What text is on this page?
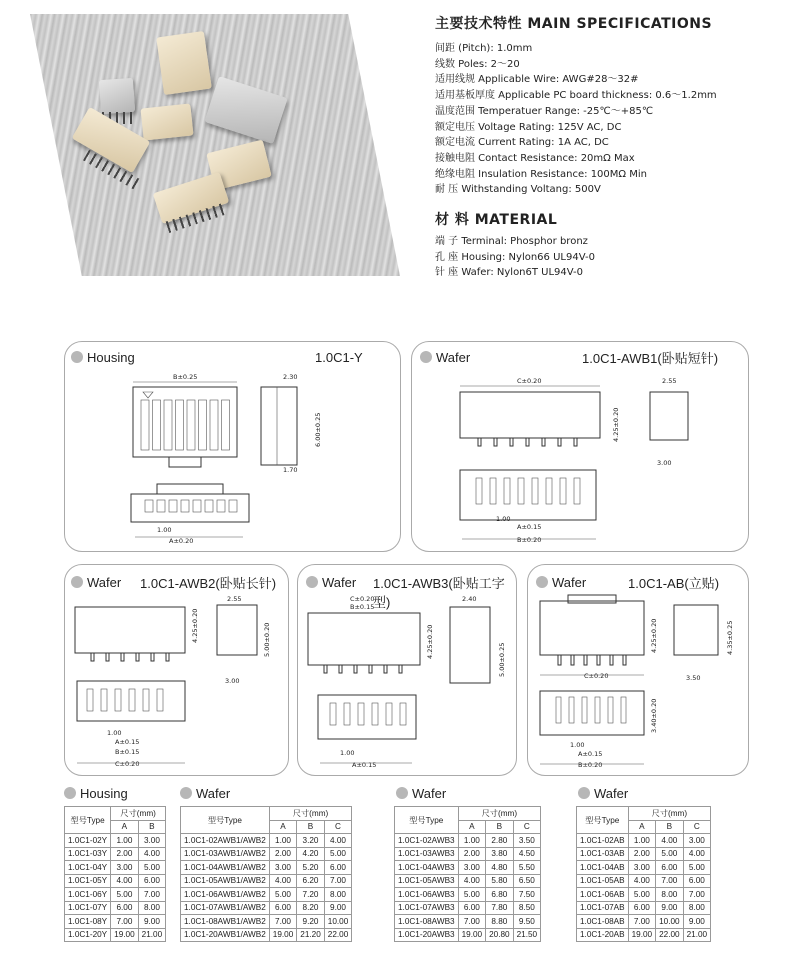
主要技术特性 MAIN SPECIFICATIONS
间距 (Pitch): 1.0mm
线数 Poles: 2～20
适用线规 Applicable Wire: AWG#28～32#
适用基板厚度 Applicable PC board thickness: 0.6～1.2mm
温度范围 Temperatuer Range: -25℃～+85℃
额定电压 Voltage Rating: 125V AC, DC
额定电流 Current Rating: 1A AC, DC
接触电阻 Contact Resistance: 20mΩ Max
绝缘电阻 Insulation Resistance: 100MΩ Min
耐 压 Withstanding Voltang: 500V
材 料 MATERIAL
端 子 Terminal: Phosphor bronz
孔 座 Housing: Nylon66 UL94V-0
针 座 Wafer: Nylon6T UL94V-0
Housing	1.0C1-Y
B±0.25	2.30
6.00±0.25
1.70
1.00
A±0.20
Wafer	1.0C1-AWB1(卧贴短针)
C±0.20	2.55
4.25±0.20
3.00
1.00
A±0.15
B±0.20
Wafer 1.0C1-AWB2(卧贴长针)
4.25±0.20
2.55
5.00±0.20
3.00
1.00
A±0.15
B±0.15
C±0.20
Wafer 1.0C1-AWB3(卧贴工字型)
C±0.20
B±0.15
4.25±0.20
2.40
5.00±0.25
1.00
A±0.15
Wafer	1.0C1-AB(立贴)
4.25±0.20
C±0.20
4.35±0.25
3.50
3.40±0.20
1.00
A±0.15
B±0.20
Housing
型号Type	尺寸(mm)	
	A	B
1.0C1-02Y	1.00	3.00
1.0C1-03Y	2.00	4.00
1.0C1-04Y	3.00	5.00
1.0C1-05Y	4.00	6.00
1.0C1-06Y	5.00	7.00
1.0C1-07Y	6.00	8.00
1.0C1-08Y	7.00	9.00
1.0C1-20Y	19.00	21.00
Wafer
型号Type	尺寸(mm)		
	A	B	C
1.0C1-02AWB1/AWB2	1.00	3.20	4.00
1.0C1-03AWB1/AWB2	2.00	4.20	5.00
1.0C1-04AWB1/AWB2	3.00	5.20	6.00
1.0C1-05AWB1/AWB2	4.00	6.20	7.00
1.0C1-06AWB1/AWB2	5.00	7.20	8.00
1.0C1-07AWB1/AWB2	6.00	8.20	9.00
1.0C1-08AWB1/AWB2	7.00	9.20	10.00
1.0C1-20AWB1/AWB2	19.00	21.20	22.00
Wafer
型号Type	尺寸(mm)		
	A	B	C
1.0C1-02AWB3	1.00	2.80	3.50
1.0C1-03AWB3	2.00	3.80	4.50
1.0C1-04AWB3	3.00	4.80	5.50
1.0C1-05AWB3	4.00	5.80	6.50
1.0C1-06AWB3	5.00	6.80	7.50
1.0C1-07AWB3	6.00	7.80	8.50
1.0C1-08AWB3	7.00	8.80	9.50
1.0C1-20AWB3	19.00	20.80	21.50
Wafer
型号Type	尺寸(mm)		
	A	B	C
1.0C1-02AB	1.00	4.00	3.00
1.0C1-03AB	2.00	5.00	4.00
1.0C1-04AB	3.00	6.00	5.00
1.0C1-05AB	4.00	7.00	6.00
1.0C1-06AB	5.00	8.00	7.00
1.0C1-07AB	6.00	9.00	8.00
1.0C1-08AB	7.00	10.00	9.00
1.0C1-20AB	19.00	22.00	21.00
